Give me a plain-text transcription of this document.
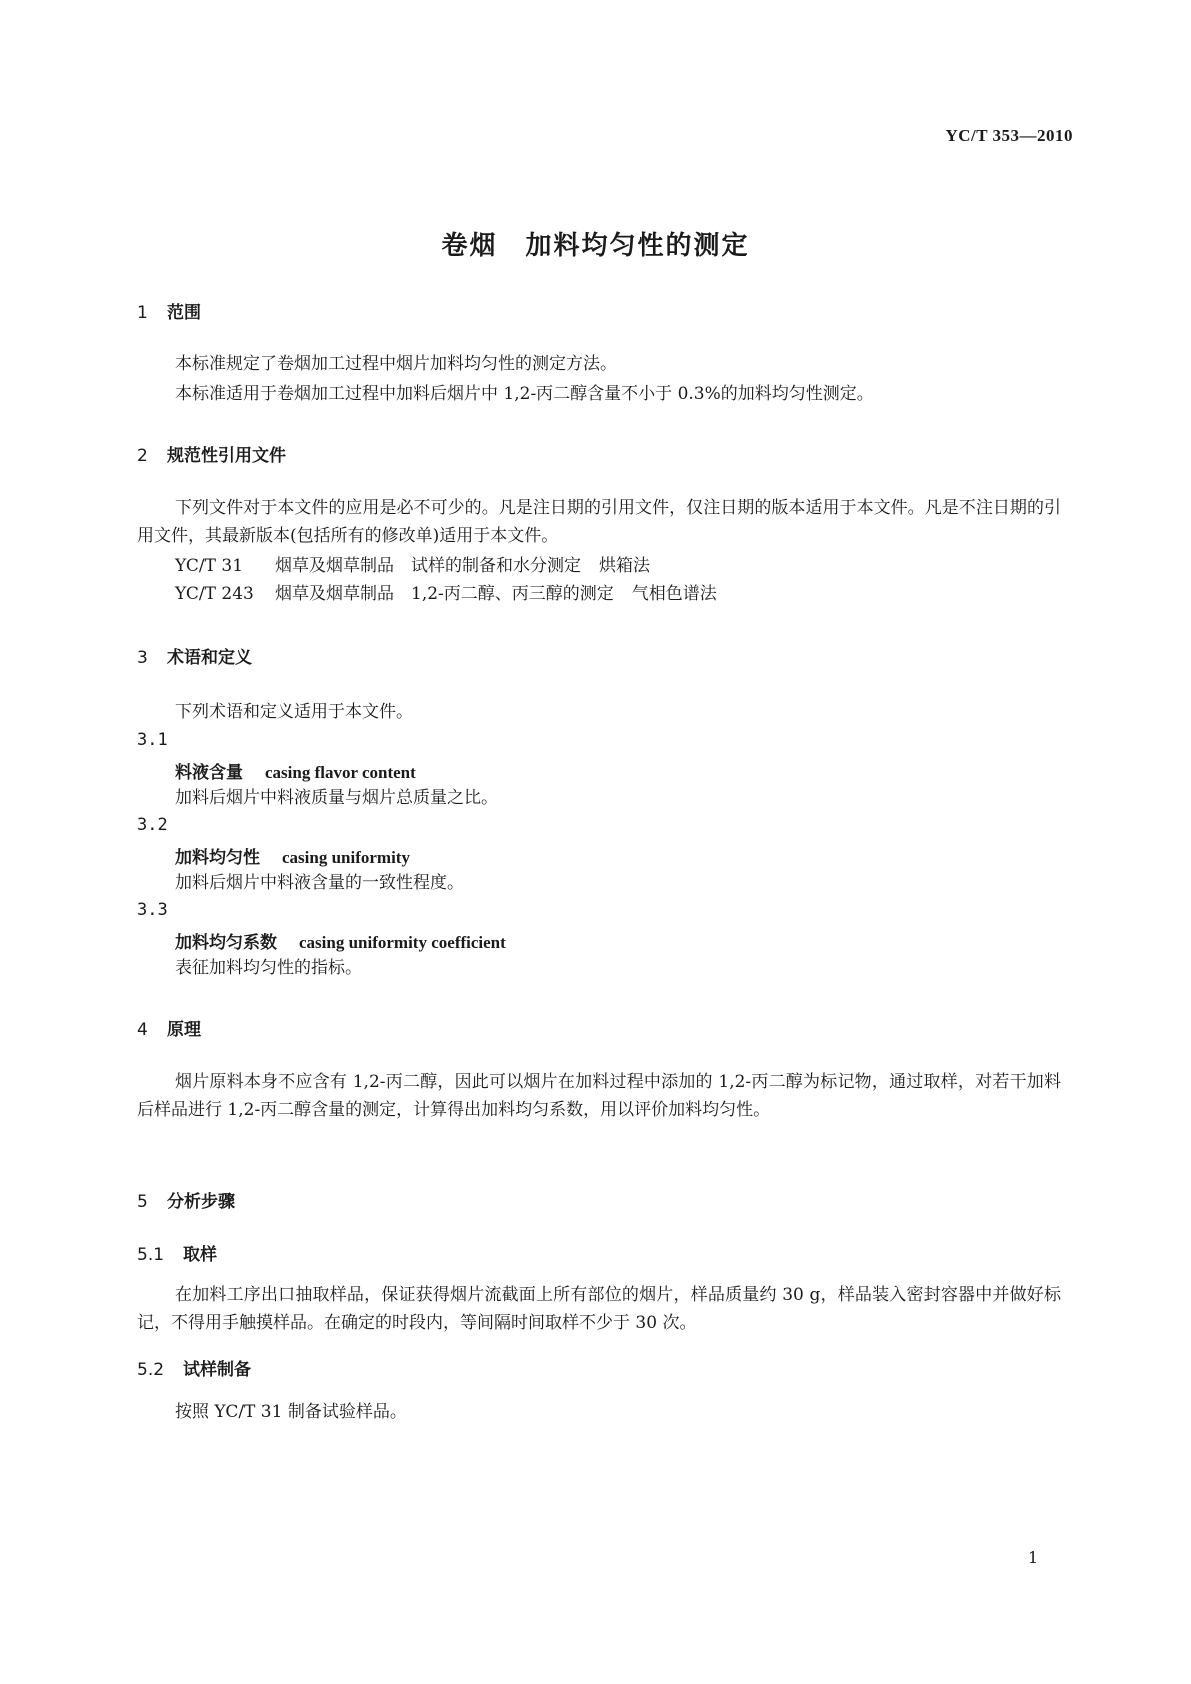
YC/T 353—2010
卷烟　加料均匀性的测定
1 范围
本标准规定了卷烟加工过程中烟片加料均匀性的测定方法。
本标准适用于卷烟加工过程中加料后烟片中 1,2-丙二醇含量不小于 0.3%的加料均匀性测定。
2 规范性引用文件
下列文件对于本文件的应用是必不可少的。凡是注日期的引用文件，仅注日期的版本适用于本文件。凡是不注日期的引用文件，其最新版本(包括所有的修改单)适用于本文件。
YC/T 31 烟草及烟草制品　试样的制备和水分测定 烘箱法
YC/T 243 烟草及烟草制品　1,2-丙二醇、丙三醇的测定 气相色谱法
3 术语和定义
下列术语和定义适用于本文件。
3.1
料液含量 casing flavor content
加料后烟片中料液质量与烟片总质量之比。
3.2
加料均匀性 casing uniformity
加料后烟片中料液含量的一致性程度。
3.3
加料均匀系数 casing uniformity coefficient
表征加料均匀性的指标。
4 原理
烟片原料本身不应含有 1,2-丙二醇，因此可以烟片在加料过程中添加的 1,2-丙二醇为标记物，通过取样，对若干加料后样品进行 1,2-丙二醇含量的测定，计算得出加料均匀系数，用以评价加料均匀性。
5 分析步骤
5.1 取样
在加料工序出口抽取样品，保证获得烟片流截面上所有部位的烟片，样品质量约 30 g，样品装入密封容器中并做好标记，不得用手触摸样品。在确定的时段内，等间隔时间取样不少于 30 次。
5.2 试样制备
按照 YC/T 31 制备试验样品。
1
